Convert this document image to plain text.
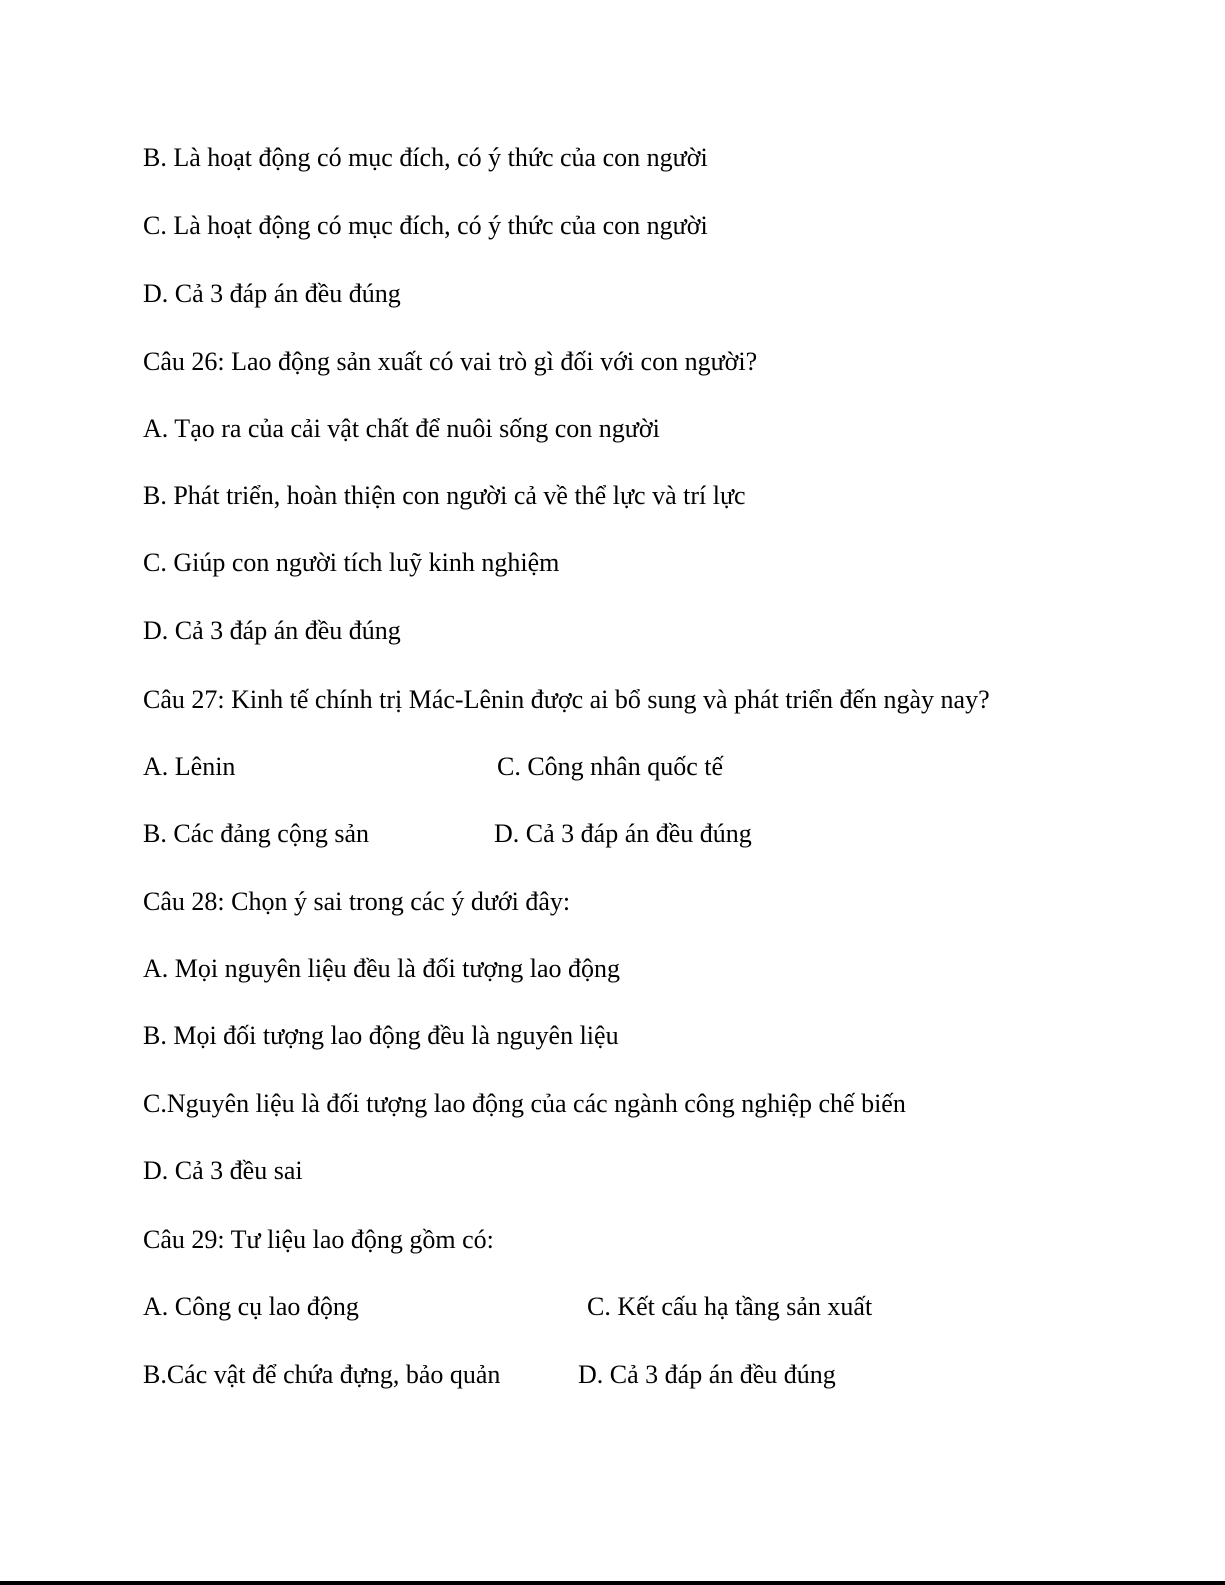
B. Là hoạt động có mục đích, có ý thức của con người
C. Là hoạt động có mục đích, có ý thức của con người
D. Cả 3 đáp án đều đúng
Câu 26: Lao động sản xuất có vai trò gì đối với con người?
A. Tạo ra của cải vật chất để nuôi sống con người
B. Phát triển, hoàn thiện con người cả về thể lực và trí lực
C. Giúp con người tích luỹ kinh nghiệm
D. Cả 3 đáp án đều đúng
Câu 27: Kinh tế chính trị Mác-Lênin được ai bổ sung và phát triển đến ngày nay?
A. Lênin	C. Công nhân quốc tế
B. Các đảng cộng sản	D. Cả 3 đáp án đều đúng
Câu 28: Chọn ý sai trong các ý dưới đây:
A. Mọi nguyên liệu đều là đối tượng lao động
B. Mọi đối tượng lao động đều là nguyên liệu
C.Nguyên liệu là đối tượng lao động của các ngành công nghiệp chế biến
D. Cả 3 đều sai
Câu 29: Tư liệu lao động gồm có:
A. Công cụ lao động	C. Kết cấu hạ tầng sản xuất
B.Các vật để chứa đựng, bảo quản	D. Cả 3 đáp án đều đúng
